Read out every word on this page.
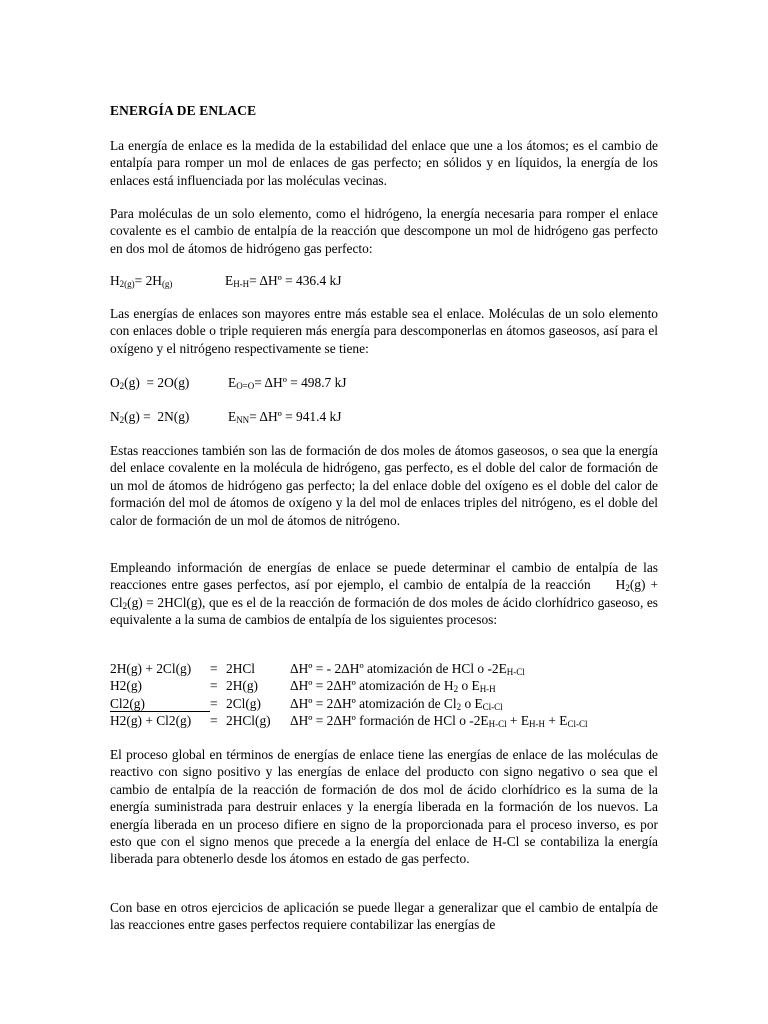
ENERGÍA DE ENLACE

La energía de enlace es la medida de la estabilidad del enlace que une a los átomos; es el cambio de entalpía para romper un mol de enlaces de gas perfecto; en sólidos y en líquidos, la energía de los enlaces está influenciada por las moléculas vecinas.

Para moléculas de un solo elemento, como el hidrógeno, la energía necesaria para romper el enlace covalente es el cambio de entalpía de la reacción que descompone un mol de hidrógeno gas perfecto en dos mol de átomos de hidrógeno gas perfecto:

$H_{2(g)}= 2H_{(g)}$	$E_{H-H}=$ ΔHº = 436.4 kJ

Las energías de enlaces son mayores entre más estable sea el enlace. Moléculas de un solo elemento con enlaces doble o triple requieren más energía para descomponerlas en átomos gaseosos, así para el oxígeno y el nitrógeno respectivamente se tiene:

$O_2(g) = 2O(g)$	$E_{O=O}=$ ΔHº = 498.7 kJ
$N_2(g) = 2N(g)$	$E_{NN}=$ ΔHº = 941.4 kJ

Estas reacciones también son las de formación de dos moles de átomos gaseosos, o sea que la energía del enlace covalente en la molécula de hidrógeno, gas perfecto, es el doble del calor de formación de un mol de átomos de hidrógeno gas perfecto; la del enlace doble del oxígeno es el doble del calor de formación del mol de átomos de oxígeno y la del mol de enlaces triples del nitrógeno, es el doble del calor de formación de un mol de átomos de nitrógeno.

Empleando información de energías de enlace se puede determinar el cambio de entalpía de las reacciones entre gases perfectos, así por ejemplo, el cambio de entalpía de la reacción $H_2(g) + Cl_2(g) = 2HCl(g)$, que es el de la reacción de formación de dos moles de ácido clorhídrico gaseoso, es equivalente a la suma de cambios de entalpía de los siguientes procesos:

2H(g) + 2Cl(g) = 2HCl	ΔHº = - 2ΔHº atomización de HCl o $-2E_{H-Cl}$
H2(g)	= 2H(g) ΔHº = 2ΔHº atomización de $H_2$ o $E_{H-H}$
Cl2(g)	= 2Cl(g) ΔHº = 2ΔHº atomización de $Cl_2$ o $E_{Cl-Cl}$
H2(g) + Cl2(g) = 2HCl(g) ΔHº = 2ΔHº formación de HCl o $-2E_{H-Cl} + E_{H-H} + E_{Cl-Cl}$

El proceso global en términos de energías de enlace tiene las energías de enlace de las moléculas de reactivo con signo positivo y las energías de enlace del producto con signo negativo o sea que el cambio de entalpía de la reacción de formación de dos mol de ácido clorhídrico es la suma de la energía suministrada para destruir enlaces y la energía liberada en la formación de los nuevos. La energía liberada en un proceso difiere en signo de la proporcionada para el proceso inverso, es por esto que con el signo menos que precede a la energía del enlace de H-Cl se contabiliza la energía liberada para obtenerlo desde los átomos en estado de gas perfecto.

Con base en otros ejercicios de aplicación se puede llegar a generalizar que el cambio de entalpía de las reacciones entre gases perfectos requiere contabilizar las energías de
